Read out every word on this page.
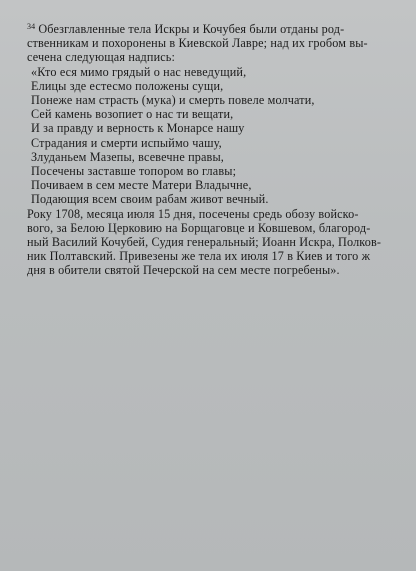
$^{34}$ Обезглавленные тела Искры и Кочубея были отданы род-
ственникам и похоронены в Киевской Лавре; над их гробом вы-
сечена следующая надпись:
«Кто еся мимо грядый о нас неведущий,
Елицы зде естесмо положены сущи,
Понеже нам страсть (мука) и смерть повеле молчати,
Сей камень возопиет о нас ти вещати,
И за правду и верность к Монарсе нашу
Страдания и смерти испыймо чашу,
Злуданьем Мазепы, всевечне правы,
Посечены заставше топором во главы;
Почиваем в сем месте Матери Владычне,
Подающия всем своим рабам живот вечный.
Року 1708, месяца июля 15 дня, посечены средь обозу войско-
вого, за Белою Церковию на Борщаговце и Ковшевом, благород-
ный Василий Кочубей, Судия генеральный; Иоанн Искра, Полков-
ник Полтавский. Привезены же тела их июля 17 в Киев и того ж
дня в обители святой Печерской на сем месте погребены».
